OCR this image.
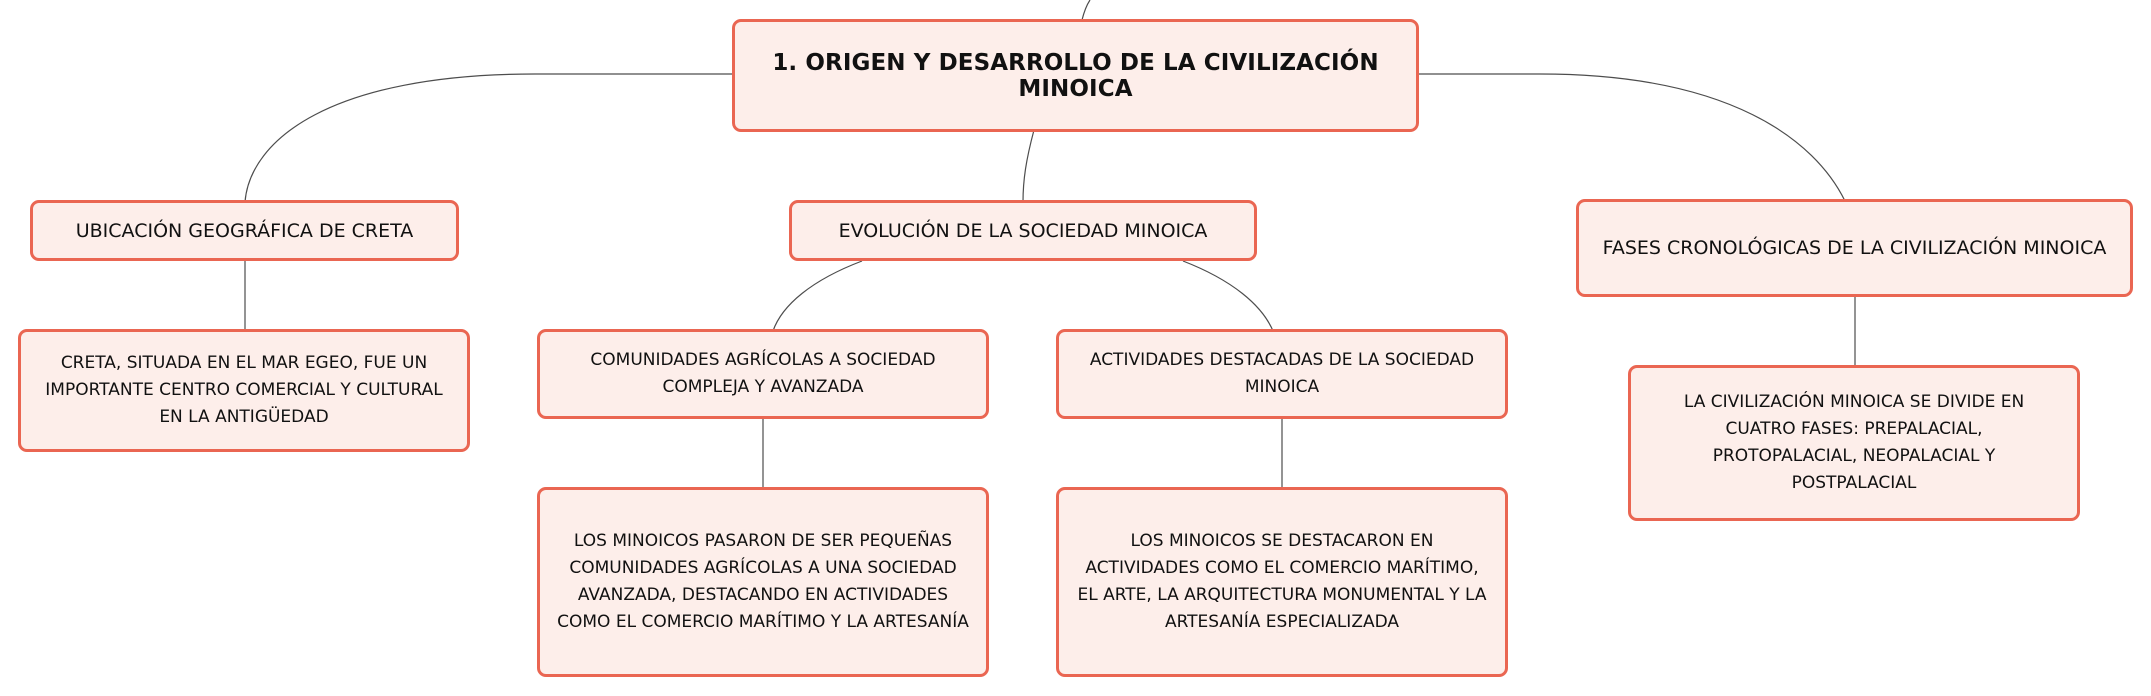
1. ORIGEN Y DESARROLLO DE LA CIVILIZACIÓN MINOICA
UBICACIÓN GEOGRÁFICA DE CRETA	EVOLUCIÓN DE LA SOCIEDAD MINOICA
FASES CRONOLÓGICAS DE LA CIVILIZACIÓN MINOICA
CRETA, SITUADA EN EL MAR EGEO, FUE UN IMPORTANTE CENTRO COMERCIAL Y CULTURAL EN LA ANTIGÜEDAD
COMUNIDADES AGRÍCOLAS A SOCIEDAD COMPLEJA Y AVANZADA
ACTIVIDADES DESTACADAS DE LA SOCIEDAD MINOICA
LOS MINOICOS PASARON DE SER PEQUEÑAS COMUNIDADES AGRÍCOLAS A UNA SOCIEDAD AVANZADA, DESTACANDO EN ACTIVIDADES COMO EL COMERCIO MARÍTIMO Y LA ARTESANÍA
LOS MINOICOS SE DESTACARON EN ACTIVIDADES COMO EL COMERCIO MARÍTIMO, EL ARTE, LA ARQUITECTURA MONUMENTAL Y LA ARTESANÍA ESPECIALIZADA
LA CIVILIZACIÓN MINOICA SE DIVIDE EN CUATRO FASES: PREPALACIAL, PROTOPALACIAL, NEOPALACIAL Y POSTPALACIAL
